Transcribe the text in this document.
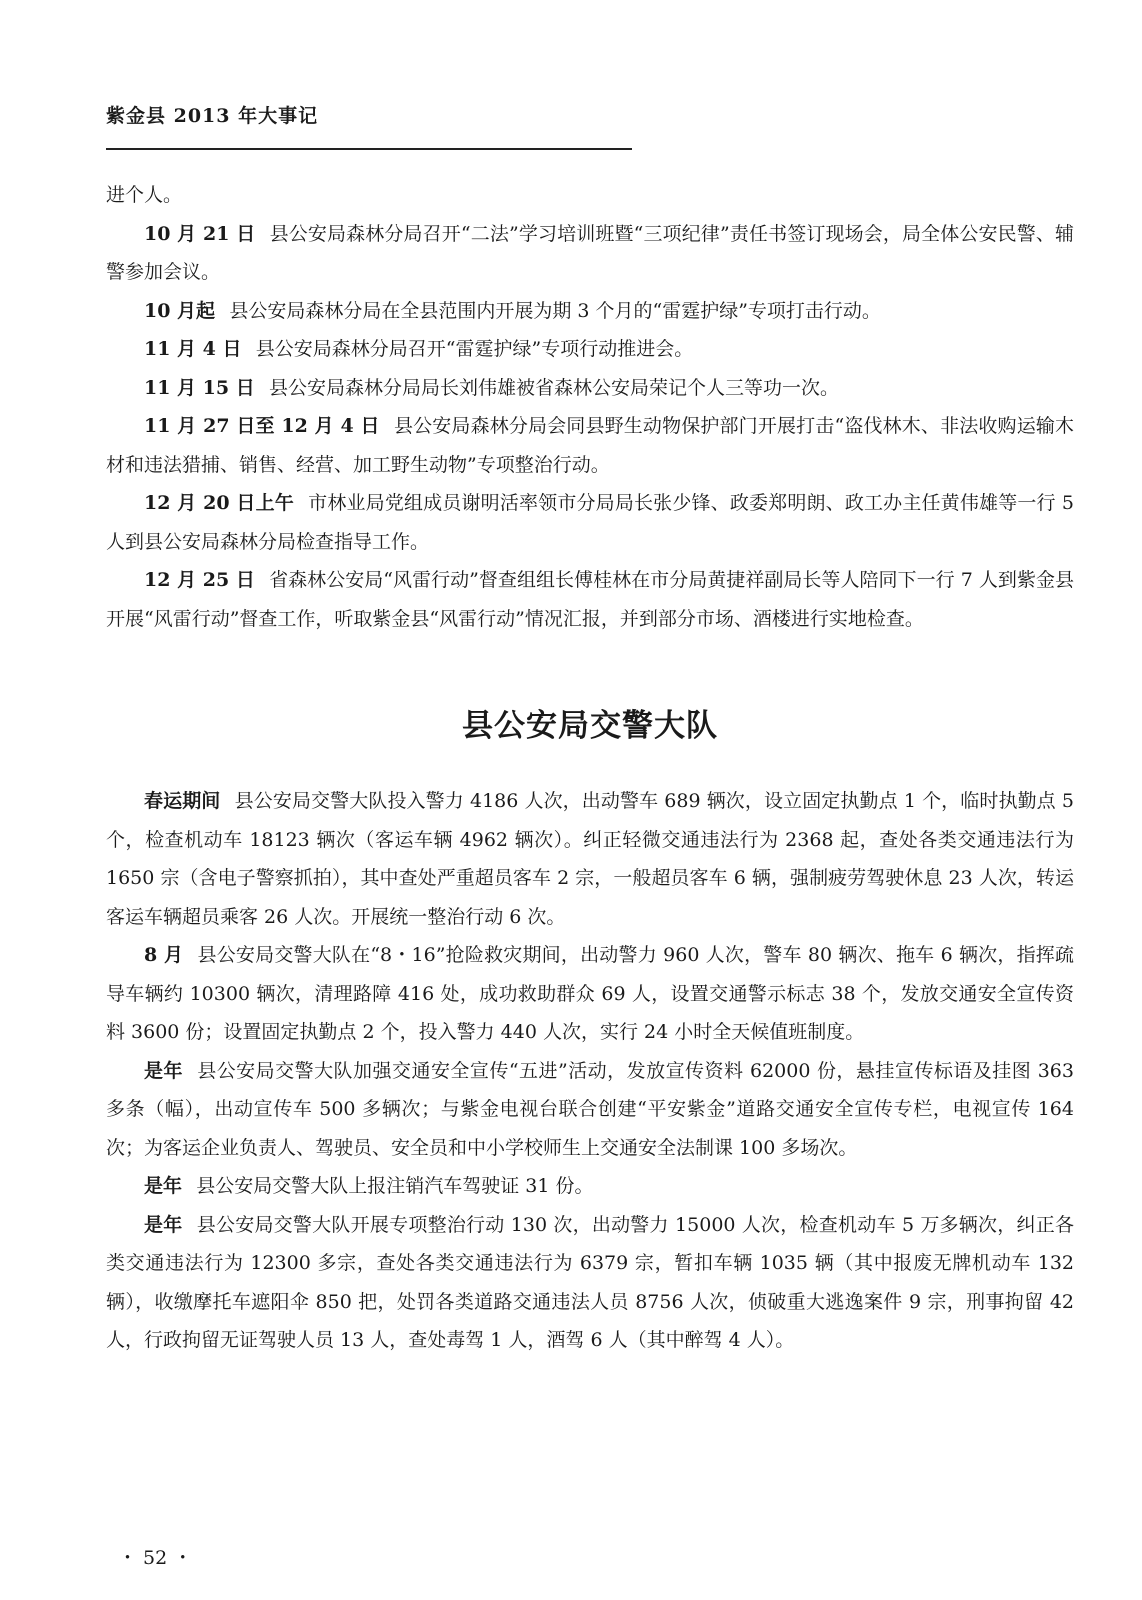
紫金县 2013 年大事记

进个人。

10 月 21 日 县公安局森林分局召开“二法”学习培训班暨“三项纪律”责任书签订现场会，局全体公安民警、辅警参加会议。

10 月起 县公安局森林分局在全县范围内开展为期 3 个月的“雷霆护绿”专项打击行动。

11 月 4 日 县公安局森林分局召开“雷霆护绿”专项行动推进会。

11 月 15 日 县公安局森林分局局长刘伟雄被省森林公安局荣记个人三等功一次。

11 月 27 日至 12 月 4 日 县公安局森林分局会同县野生动物保护部门开展打击“盗伐林木、非法收购运输木材和违法猎捕、销售、经营、加工野生动物”专项整治行动。

12 月 20 日上午 市林业局党组成员谢明活率领市分局局长张少锋、政委郑明朗、政工办主任黄伟雄等一行 5 人到县公安局森林分局检查指导工作。

12 月 25 日 省森林公安局“风雷行动”督查组组长傅桂林在市分局黄捷祥副局长等人陪同下一行 7 人到紫金县开展“风雷行动”督查工作，听取紫金县“风雷行动”情况汇报，并到部分市场、酒楼进行实地检查。

县公安局交警大队

春运期间 县公安局交警大队投入警力 4186 人次，出动警车 689 辆次，设立固定执勤点 1 个，临时执勤点 5 个，检查机动车 18123 辆次（客运车辆 4962 辆次）。纠正轻微交通违法行为 2368 起，查处各类交通违法行为 1650 宗（含电子警察抓拍），其中查处严重超员客车 2 宗，一般超员客车 6 辆，强制疲劳驾驶休息 23 人次，转运客运车辆超员乘客 26 人次。开展统一整治行动 6 次。

8 月 县公安局交警大队在“8・16”抢险救灾期间，出动警力 960 人次，警车 80 辆次、拖车 6 辆次，指挥疏导车辆约 10300 辆次，清理路障 416 处，成功救助群众 69 人，设置交通警示标志 38 个，发放交通安全宣传资料 3600 份；设置固定执勤点 2 个，投入警力 440 人次，实行 24 小时全天候值班制度。

是年 县公安局交警大队加强交通安全宣传“五进”活动，发放宣传资料 62000 份，悬挂宣传标语及挂图 363 多条（幅），出动宣传车 500 多辆次；与紫金电视台联合创建“平安紫金”道路交通安全宣传专栏，电视宣传 164 次；为客运企业负责人、驾驶员、安全员和中小学校师生上交通安全法制课 100 多场次。

是年 县公安局交警大队上报注销汽车驾驶证 31 份。

是年 县公安局交警大队开展专项整治行动 130 次，出动警力 15000 人次，检查机动车 5 万多辆次，纠正各类交通违法行为 12300 多宗，查处各类交通违法行为 6379 宗，暂扣车辆 1035 辆（其中报废无牌机动车 132 辆），收缴摩托车遮阳伞 850 把，处罚各类道路交通违法人员 8756 人次，侦破重大逃逸案件 9 宗，刑事拘留 42 人，行政拘留无证驾驶人员 13 人，查处毒驾 1 人，酒驾 6 人（其中醉驾 4 人）。

・ 52 ・
